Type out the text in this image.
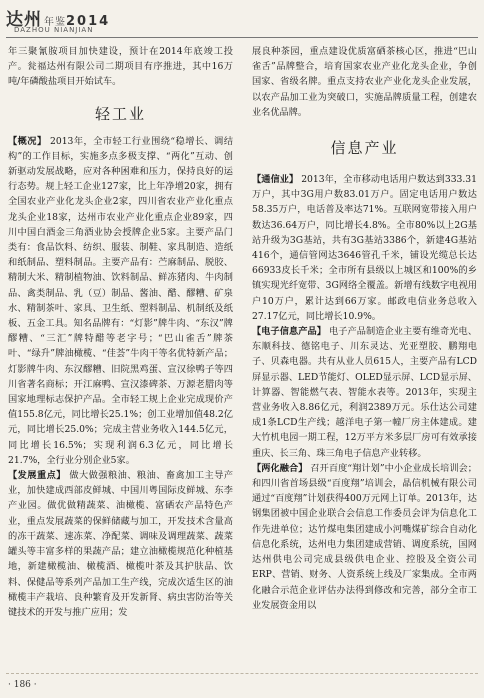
达州 年鉴2014
DAZHOU NIANJIAN

年三聚氰胺项目加快建设，预计在2014年底竣工投产。瓮福达州有限公司二期项目有序推进，其中16万吨/年磷酸盐项目开始试车。

轻工业

【概况】 2013年，全市轻工行业围绕“稳增长、调结构”的工作目标，实施多点多极支撑、“两化”互动、创新驱动发展战略，应对各种困难和压力，保持良好的运行态势。规上轻工企业127家，比上年净增20家，拥有全国农业产业化龙头企业2家，四川省农业产业化重点龙头企业18家，达州市农业产业化重点企业89家，四川中国白酒金三角酒业协会授牌企业5家。主要产品门类有：食品饮料、纺织、服装、制鞋、家具制造、造纸和纸制品、塑料制品。主要产品有：苎麻制品、脱胶、精制大米、精制植物油、饮料制品、鲜冻猪肉、牛肉制品、禽类制品、乳（豆）制品、酱油、醋、醪糟、矿泉水、精制茶叶、家具、卫生纸、塑料制品、机制纸及纸板、五金工具。知名品牌有：“灯影”牌牛肉、“东汉”牌醪糟、“三汇”牌特醋等老字号；“巴山雀舌”牌茶叶、“绿升”牌油橄榄、“佳荟”牛肉干等名优特新产品；灯影牌牛肉、东汉醪糟、旧院黑鸡蛋、宣汉徐鸭子等四川省著名商标；开江麻鸭、宣汉漆碑茶、万源老腊肉等国家地理标志保护产品。全市轻工规上企业完成现价产值155.8亿元，同比增长25.1%；创工业增加值48.2亿元，同比增长25.0%；完成主营业务收入144.5亿元，同比增长16.5%；实现利润6.3亿元，同比增长21.7%，全行业分别企业5家。

【发展重点】 做大做强粮油、粮油、畜禽加工主导产业，加快建成西部皮鲜城、中国川粤国际皮鲜城、东李产业园。做优做精蔬菜、油橄榄、富硒农产品特色产业，重点发展蔬菜的保鲜储藏与加工，开发技术含量高的冻干蔬菜、速冻菜、净配菜、调味及调理蔬菜、蔬菜罐头等丰富多样的果蔬产品；建立油橄榄规范化种植基地，新建橄榄油、橄榄酒、橄榄叶茶及其护肤品、饮料、保健品等系列产品加工生产线，完成次适生区的油橄榄丰产栽培、良种繁育及开发新肾、病虫害防治等关键技术的开发与推广应用；发

展良种茶园，重点建设优质富硒茶核心区，推进“巴山雀舌”品牌整合，培育国家农业产业化龙头企业，争创国家、省级名牌。重点支持农业产业化龙头企业发展，以农产品加工业为突破口，实施品牌质量工程，创建农业名优品牌。

信息产业

【通信业】 2013年，全市移动电话用户数达到333.31万户，其中3G用户数83.01万户。固定电话用户数达58.35万户，电话普及率达71%。互联网宽带接入用户数达36.64万户，同比增长4.8%。全市80%以上2G基站升级为3G基站，共有3G基站3386个，新建4G基站416个，通信管网达3646管孔千米，铺设光缆总长达66933皮长千米；全市所有县级以上城区和100%的乡镇实现光纤宽带、3G网络全覆盖。新增有线数字电视用户10万户，累计达到66万家。邮政电信业务总收入27.17亿元，同比增长10.9%。

【电子信息产品】 电子产品制造企业主要有维奇光电、东顺科技、德铭电子、川东灵达、光亚塑胶、鹏翔电子、贝森电器。共有从业人员615人，主要产品有LCD屏显示器、LED节能灯、OLED显示屏、LCD显示屏、计算器、智能燃气表、智能水表等。2013年，实现主营业务收入8.86亿元，利润2389万元。乐仕达公司建成1条LCD生产线；越洋电子第一幢厂房主体建成。建大竹机电园一期工程，12万平方米多层厂房可有效承接重庆、长三角、珠三角电子信息产业转移。

【两化融合】 召开百度“翔计划”中小企业成长培训会；和四川省首场县级“百度翔”培训会，晶信机械有限公司通过“百度翔”计划获得400万元网上订单。2013年，达钢集团被中国企业联合会信息工作委员会评为信息化工作先进单位；达竹煤电集团建成小河嘴煤矿综合自动化信息化系统，达州电力集团建成营销、调度系统，国网达州供电公司完成县级供电企业、控股及全资公司ERP、营销、财务、人资系统上线及厂家集成。全市两化融合示范企业评估办法得到修改和完善，部分全市工业发展资金用以

· 186 ·
